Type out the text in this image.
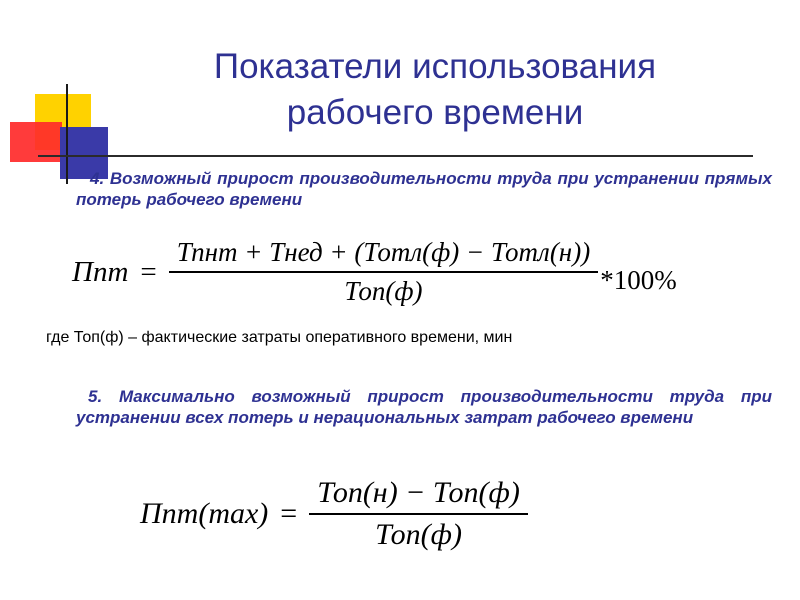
Показатели использования
рабочего времени
4. Возможный прирост производительности труда при устранении прямых потерь рабочего времени
Ппт = $\frac{\text{Тпнт + Тнед + (Тотл(ф) − Тотл(н))}}{\text{Топ(ф)}} *100\%$
где Топ(ф) – фактические затраты оперативного времени, мин
5. Максимально возможный прирост производительности труда при устранении всех потерь и нерациональных затрат рабочего времени
$Ппт(\max) = \frac{\text{Топ(н) − Топ(ф)}}{\text{Топ(ф)}}$
